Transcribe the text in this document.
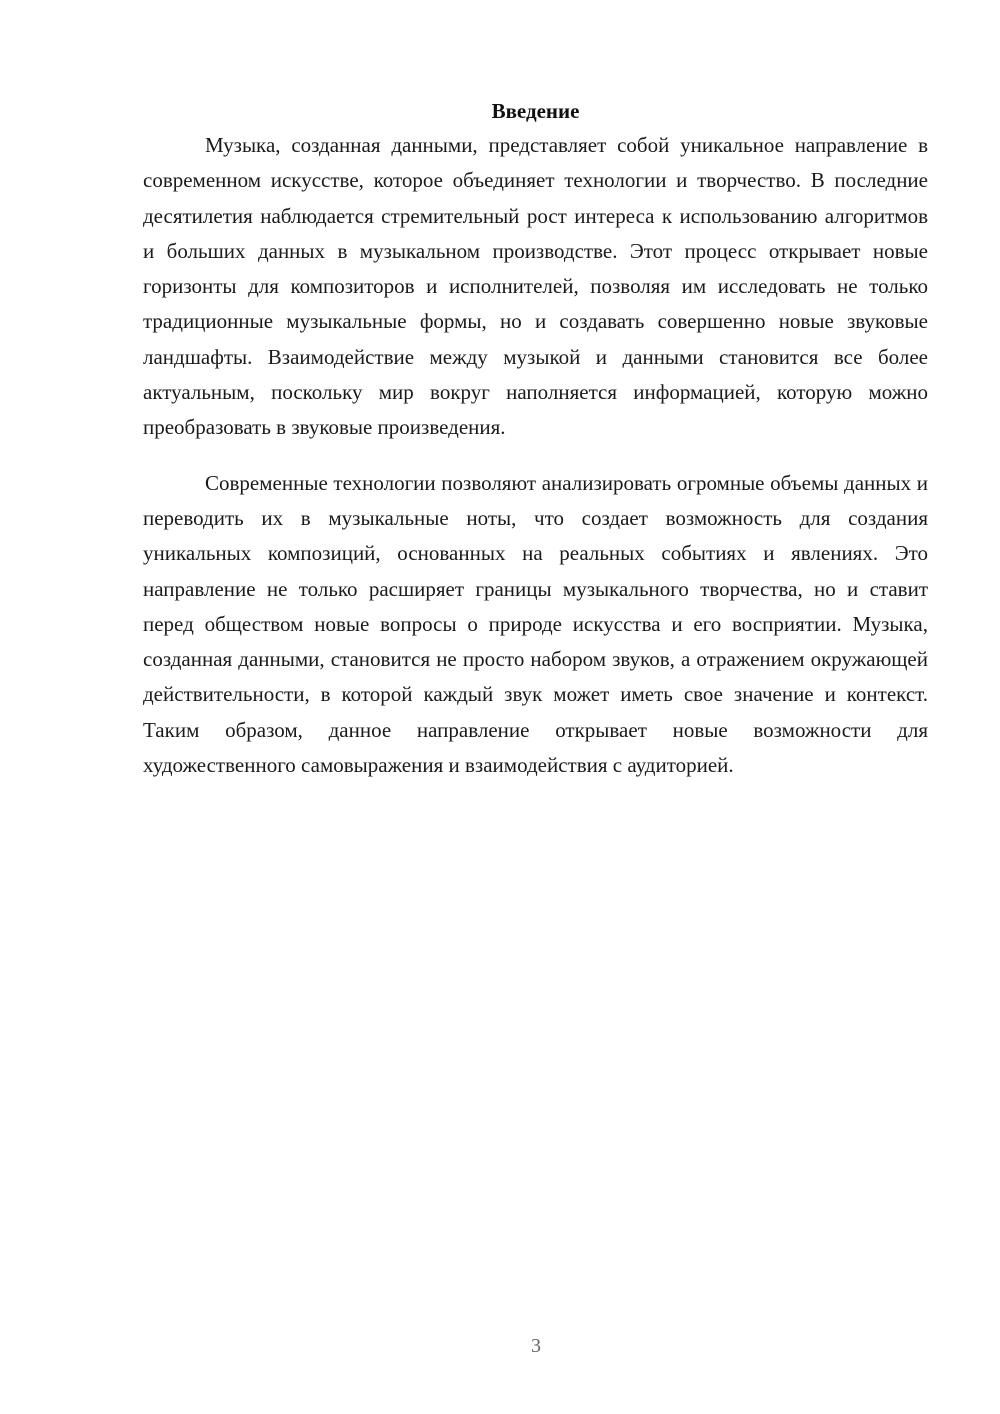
Введение

Музыка, созданная данными, представляет собой уникальное направление в современном искусстве, которое объединяет технологии и творчество. В последние десятилетия наблюдается стремительный рост интереса к использованию алгоритмов и больших данных в музыкальном производстве. Этот процесс открывает новые горизонты для композиторов и исполнителей, позволяя им исследовать не только традиционные музыкальные формы, но и создавать совершенно новые звуковые ландшафты. Взаимодействие между музыкой и данными становится все более актуальным, поскольку мир вокруг наполняется информацией, которую можно преобразовать в звуковые произведения.

Современные технологии позволяют анализировать огромные объемы данных и переводить их в музыкальные ноты, что создает возможность для создания уникальных композиций, основанных на реальных событиях и явлениях. Это направление не только расширяет границы музыкального творчества, но и ставит перед обществом новые вопросы о природе искусства и его восприятии. Музыка, созданная данными, становится не просто набором звуков, а отражением окружающей действительности, в которой каждый звук может иметь свое значение и контекст. Таким образом, данное направление открывает новые возможности для художественного самовыражения и взаимодействия с аудиторией.

3
